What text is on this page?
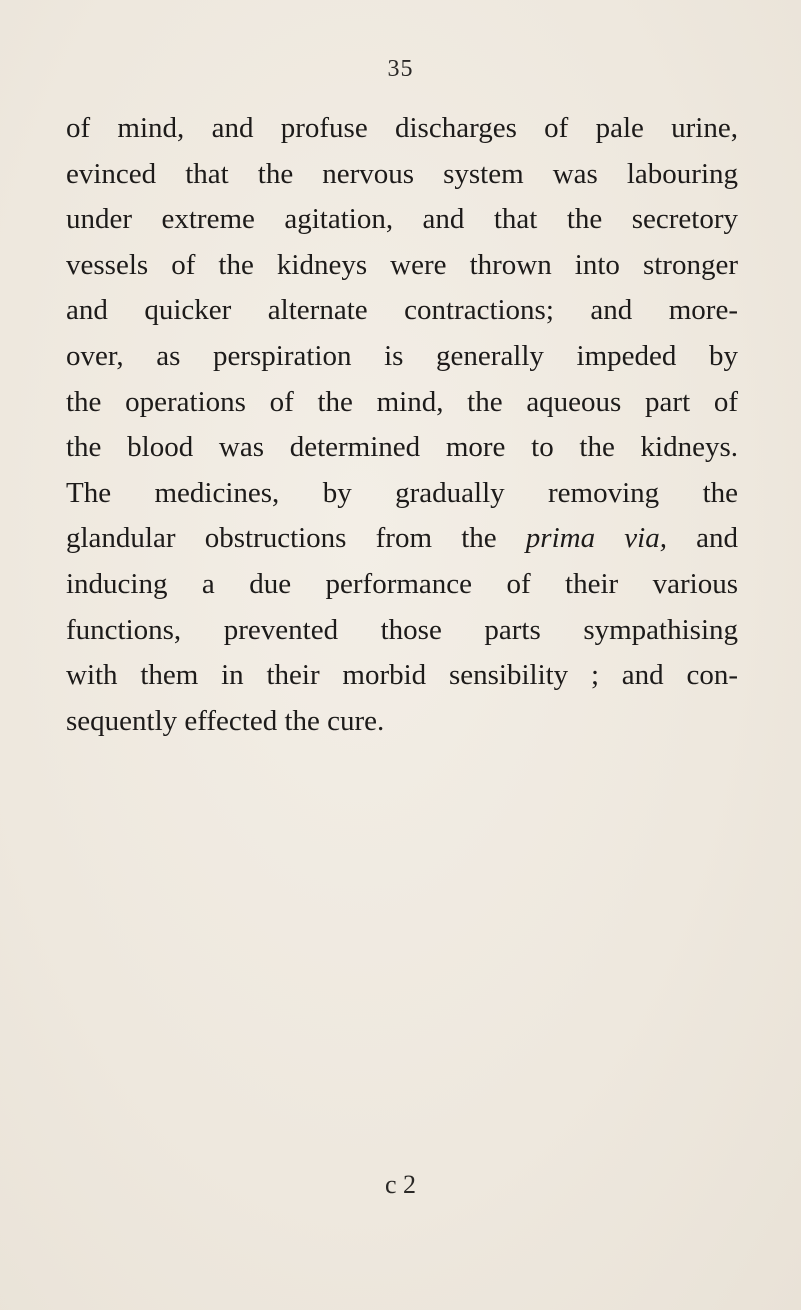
35
of mind, and profuse discharges of pale urine,
evinced that the nervous system was labouring
under extreme agitation, and that the secretory
vessels of the kidneys were thrown into stronger
and quicker alternate contractions; and more-
over, as perspiration is generally impeded by
the operations of the mind, the aqueous part of
the blood was determined more to the kidneys.
The medicines, by gradually removing the
glandular obstructions from the prima via, and
inducing a due performance of their various
functions, prevented those parts sympathising
with them in their morbid sensibility ; and con-
sequently effected the cure.
c 2
